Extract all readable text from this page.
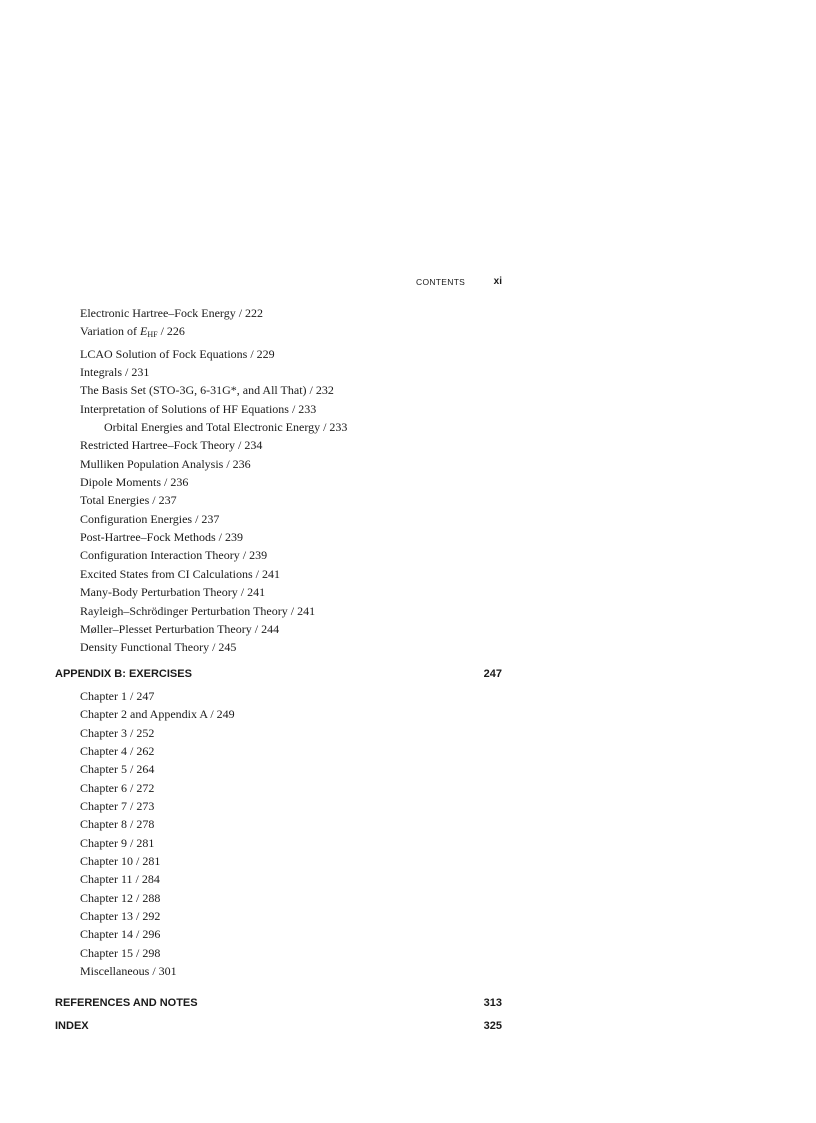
CONTENTS	xi
Electronic Hartree–Fock Energy / 222
Variation of $E_{HF} / 226$
LCAO Solution of Fock Equations / 229
Integrals / 231
The Basis Set (STO-3G, 6-31G*, and All That) / 232
Interpretation of Solutions of HF Equations / 233
Orbital Energies and Total Electronic Energy / 233
Restricted Hartree–Fock Theory / 234
Mulliken Population Analysis / 236
Dipole Moments / 236
Total Energies / 237
Configuration Energies / 237
Post-Hartree–Fock Methods / 239
Configuration Interaction Theory / 239
Excited States from CI Calculations / 241
Many-Body Perturbation Theory / 241
Rayleigh–Schrödinger Perturbation Theory / 241
Møller–Plesset Perturbation Theory / 244
Density Functional Theory / 245
APPENDIX B: EXERCISES	247
Chapter 1 / 247
Chapter 2 and Appendix A / 249
Chapter 3 / 252
Chapter 4 / 262
Chapter 5 / 264
Chapter 6 / 272
Chapter 7 / 273
Chapter 8 / 278
Chapter 9 / 281
Chapter 10 / 281
Chapter 11 / 284
Chapter 12 / 288
Chapter 13 / 292
Chapter 14 / 296
Chapter 15 / 298
Miscellaneous / 301
REFERENCES AND NOTES	313
INDEX	325
